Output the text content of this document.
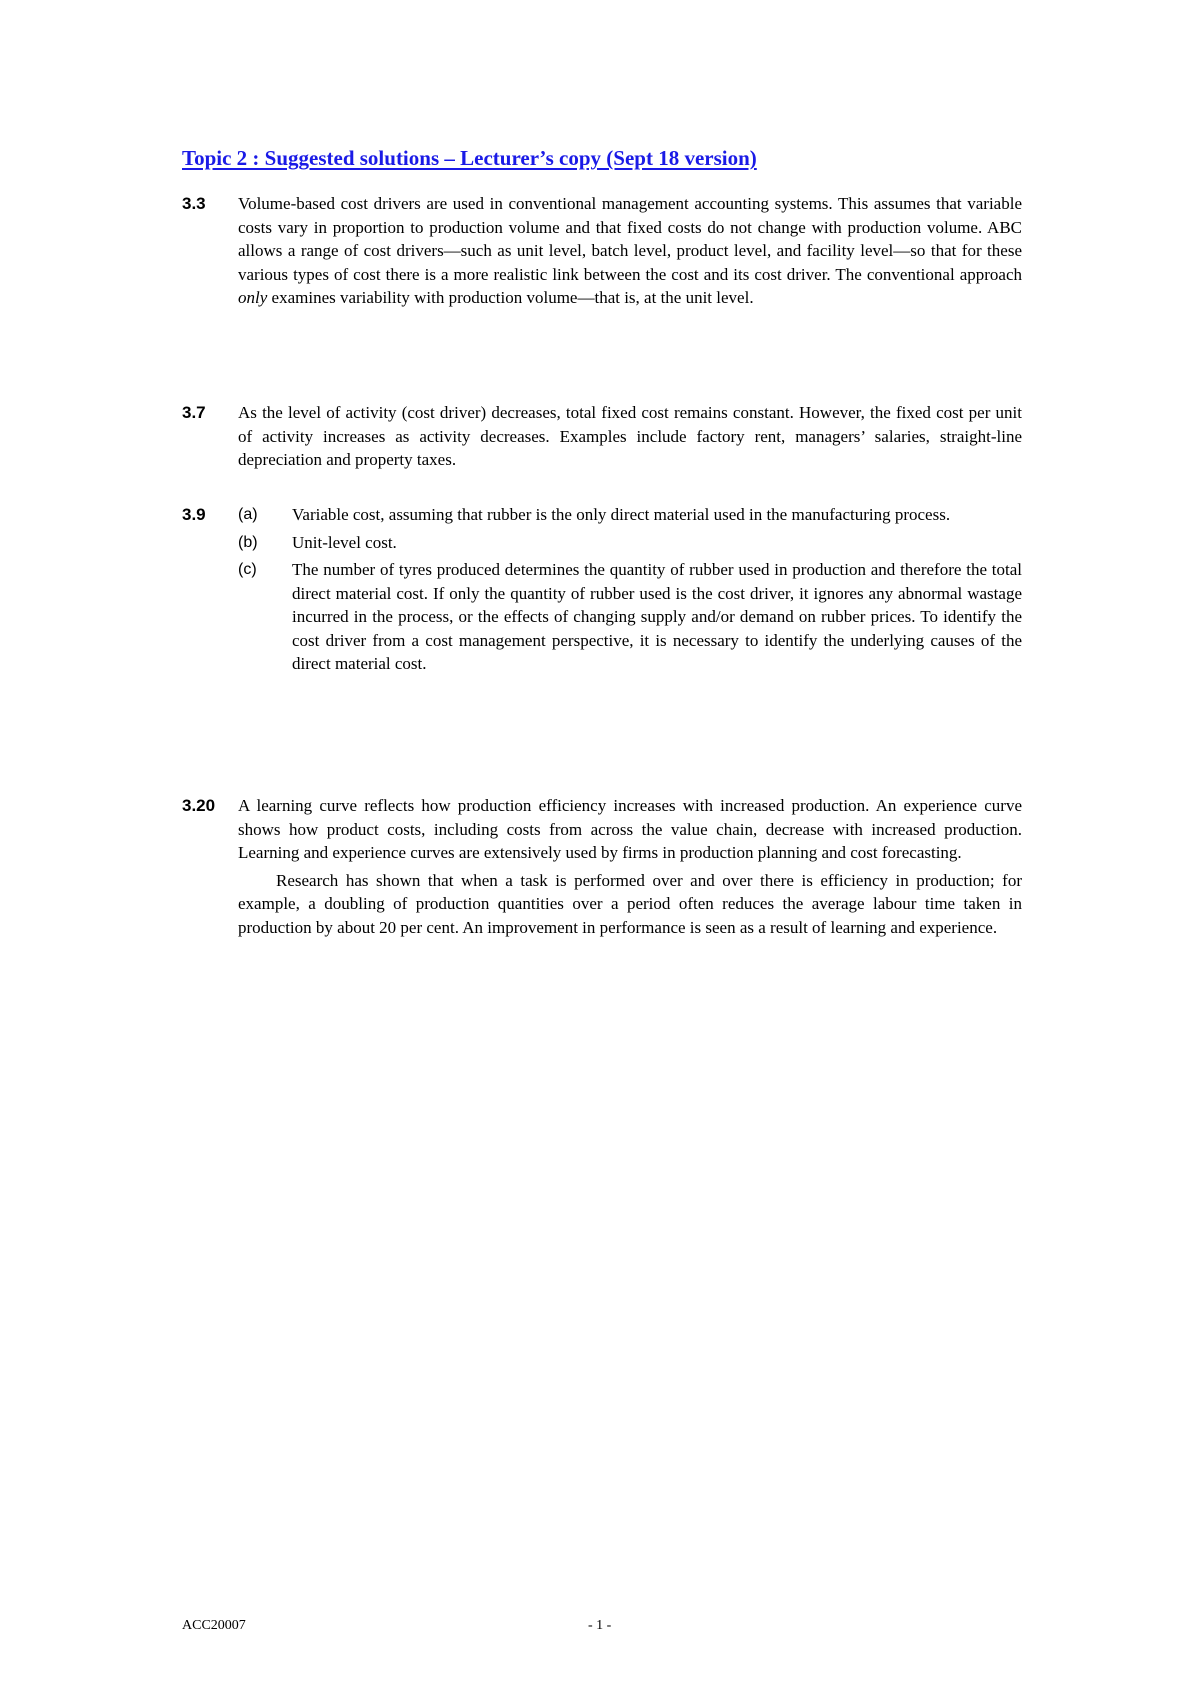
Topic 2 : Suggested solutions – Lecturer’s copy (Sept 18 version)
3.3 Volume-based cost drivers are used in conventional management accounting systems. This assumes that variable costs vary in proportion to production volume and that fixed costs do not change with production volume. ABC allows a range of cost drivers—such as unit level, batch level, product level, and facility level—so that for these various types of cost there is a more realistic link between the cost and its cost driver. The conventional approach only examines variability with production volume—that is, at the unit level.

3.7 As the level of activity (cost driver) decreases, total fixed cost remains constant. However, the fixed cost per unit of activity increases as activity decreases. Examples include factory rent, managers’ salaries, straight-line depreciation and property taxes.

3.9 (a) Variable cost, assuming that rubber is the only direct material used in the manufacturing process.
(b) Unit-level cost.
(c) The number of tyres produced determines the quantity of rubber used in production and therefore the total direct material cost. If only the quantity of rubber used is the cost driver, it ignores any abnormal wastage incurred in the process, or the effects of changing supply and/or demand on rubber prices. To identify the cost driver from a cost management perspective, it is necessary to identify the underlying causes of the direct material cost.
3.20 A learning curve reflects how production efficiency increases with increased production. An experience curve shows how product costs, including costs from across the value chain, decrease with increased production. Learning and experience curves are extensively used by firms in production planning and cost forecasting.

Research has shown that when a task is performed over and over there is efficiency in production; for example, a doubling of production quantities over a period often reduces the average labour time taken in production by about 20 per cent. An improvement in performance is seen as a result of learning and experience.

ACC20007	- 1 -
